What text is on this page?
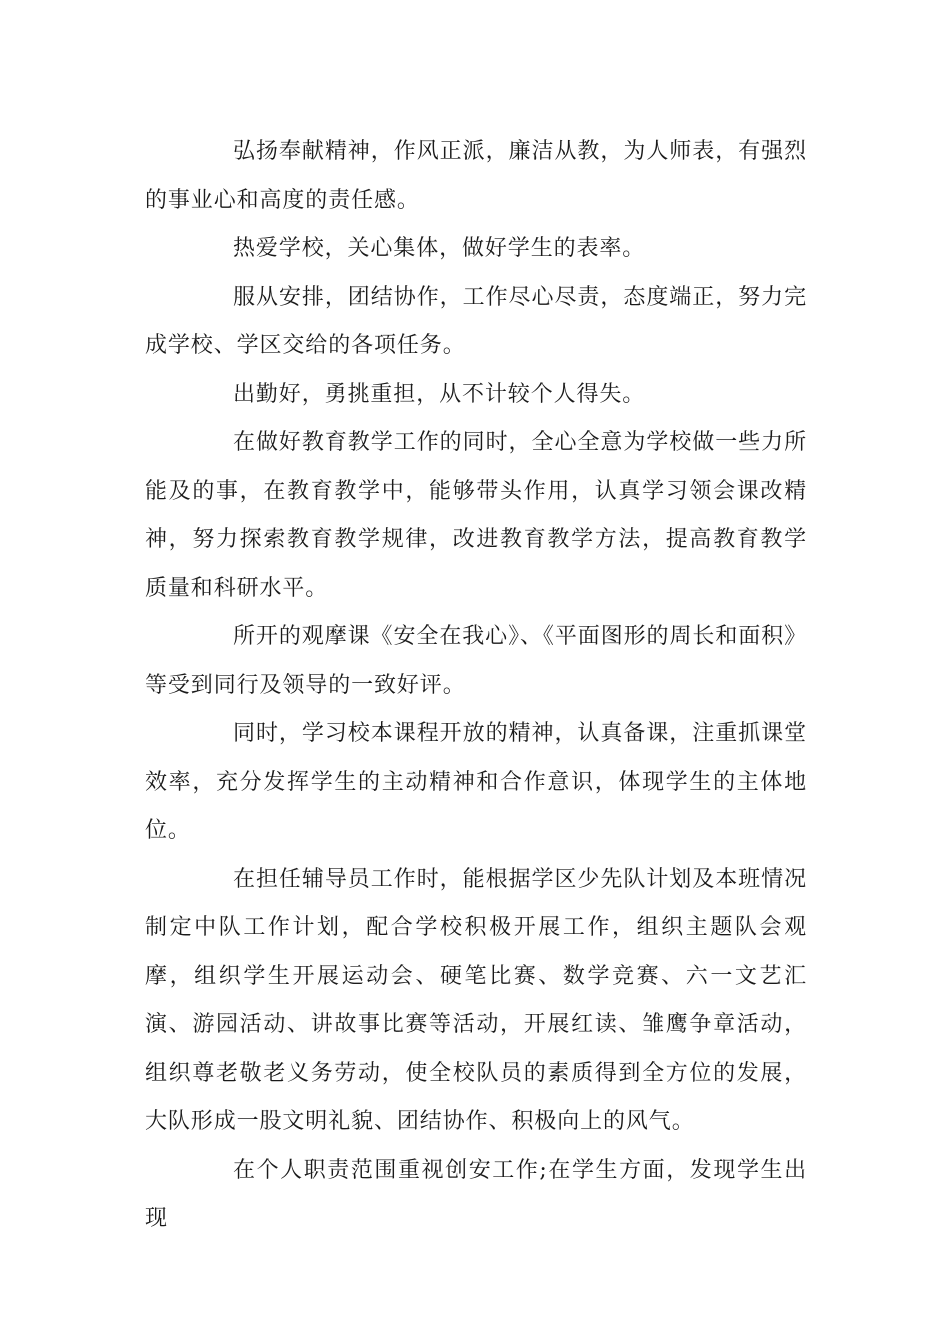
弘扬奉献精神，作风正派，廉洁从教，为人师表，有强烈的事业心和高度的责任感。

热爱学校，关心集体，做好学生的表率。

服从安排，团结协作，工作尽心尽责，态度端正，努力完成学校、学区交给的各项任务。

出勤好，勇挑重担，从不计较个人得失。

在做好教育教学工作的同时，全心全意为学校做一些力所能及的事，在教育教学中，能够带头作用，认真学习领会课改精神，努力探索教育教学规律，改进教育教学方法，提高教育教学质量和科研水平。

所开的观摩课《安全在我心》、《平面图形的周长和面积》等受到同行及领导的一致好评。

同时，学习校本课程开放的精神，认真备课，注重抓课堂效率，充分发挥学生的主动精神和合作意识，体现学生的主体地位。

在担任辅导员工作时，能根据学区少先队计划及本班情况制定中队工作计划，配合学校积极开展工作，组织主题队会观摩，组织学生开展运动会、硬笔比赛、数学竞赛、六一文艺汇演、游园活动、讲故事比赛等活动，开展红读、雏鹰争章活动，组织尊老敬老义务劳动，使全校队员的素质得到全方位的发展，大队形成一股文明礼貌、团结协作、积极向上的风气。

在个人职责范围重视创安工作;在学生方面，发现学生出现
